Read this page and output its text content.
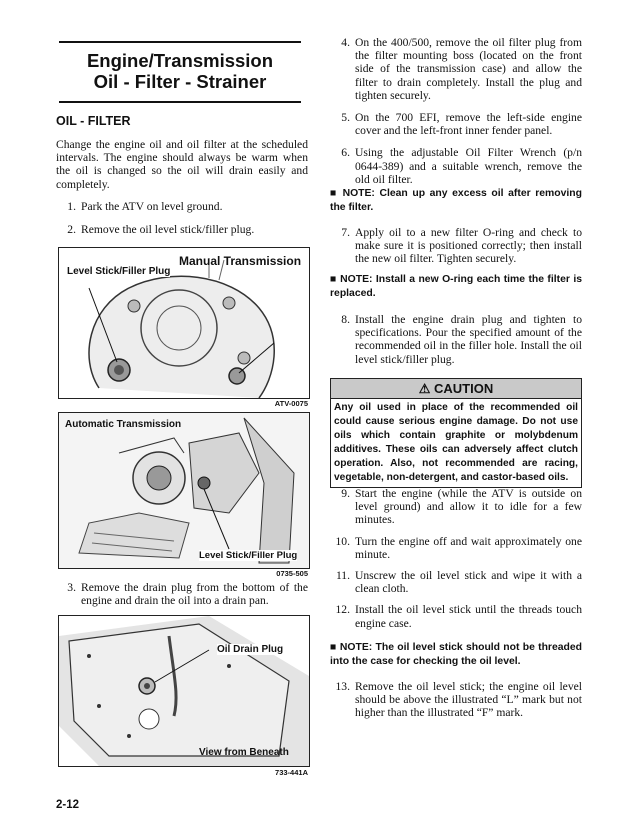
Engine/Transmission
Oil - Filter - Strainer
OIL - FILTER
Change the engine oil and oil filter at the scheduled intervals. The engine should always be warm when the oil is changed so the oil will drain easily and completely.
1. Park the ATV on level ground.
2. Remove the oil level stick/filler plug.
Manual Transmission
Level Stick/Filler Plug
ATV-0075
Automatic Transmission
Level Stick/Filler Plug
0735-505
3. Remove the drain plug from the bottom of the engine and drain the oil into a drain pan.
Oil Drain Plug
View from Beneath
733-441A
2-12
4. On the 400/500, remove the oil filter plug from the filter mounting boss (located on the front side of the transmission case) and allow the filter to drain completely. Install the plug and tighten securely.
5. On the 700 EFI, remove the left-side engine cover and the left-front inner fender panel.
6. Using the adjustable Oil Filter Wrench (p/n 0644-389) and a suitable wrench, remove the old oil filter.
■ NOTE: Clean up any excess oil after removing the filter.
7. Apply oil to a new filter O-ring and check to make sure it is positioned correctly; then install the new oil filter. Tighten securely.
■ NOTE: Install a new O-ring each time the filter is replaced.
8. Install the engine drain plug and tighten to specifications. Pour the specified amount of the recommended oil in the filler hole. Install the oil level stick/filler plug.
⚠ CAUTION
Any oil used in place of the recommended oil could cause serious engine damage. Do not use oils which contain graphite or molybdenum additives. These oils can adversely affect clutch operation. Also, not recommended are racing, vegetable, non-detergent, and castor-based oils.
9. Start the engine (while the ATV is outside on level ground) and allow it to idle for a few minutes.
10. Turn the engine off and wait approximately one minute.
11. Unscrew the oil level stick and wipe it with a clean cloth.
12. Install the oil level stick until the threads touch engine case.
■ NOTE: The oil level stick should not be threaded into the case for checking the oil level.
13. Remove the oil level stick; the engine oil level should be above the illustrated “L” mark but not higher than the illustrated “F” mark.
